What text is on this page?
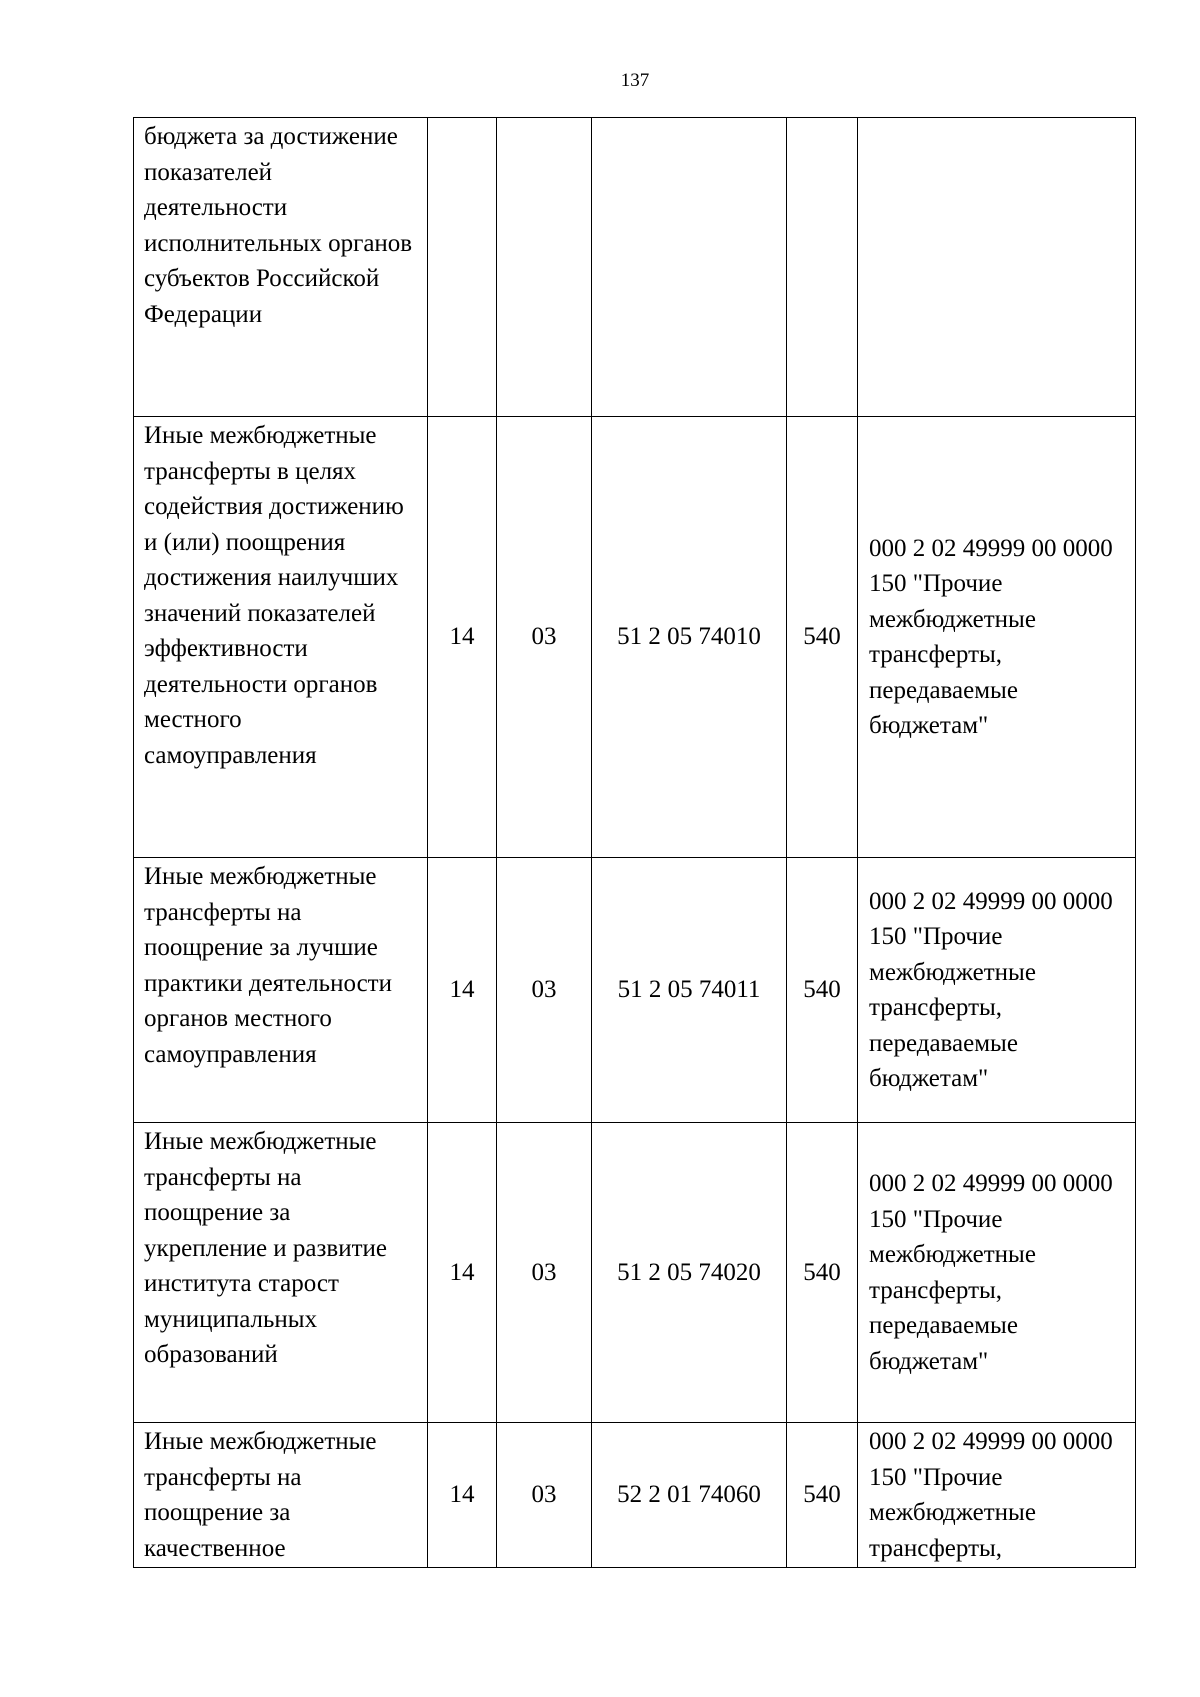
137
бюджета за достижение показателей деятельности исполнительных органов субъектов Российской Федерации					
Иные межбюджетные трансферты в целях содействия достижению и (или) поощрения достижения наилучших значений показателей эффективности деятельности органов местного самоуправления	14	03	51 2 05 74010	540	000 2 02 49999 00 0000 150 "Прочие межбюджетные трансферты, передаваемые бюджетам"
Иные межбюджетные трансферты на поощрение за лучшие практики деятельности органов местного самоуправления	14	03	51 2 05 74011	540	000 2 02 49999 00 0000 150 "Прочие межбюджетные трансферты, передаваемые бюджетам"
Иные межбюджетные трансферты на поощрение за укрепление и развитие института старост муниципальных образований	14	03	51 2 05 74020	540	000 2 02 49999 00 0000 150 "Прочие межбюджетные трансферты, передаваемые бюджетам"
Иные межбюджетные трансферты на поощрение за качественное	14	03	52 2 01 74060	540	000 2 02 49999 00 0000 150 "Прочие межбюджетные трансферты,
